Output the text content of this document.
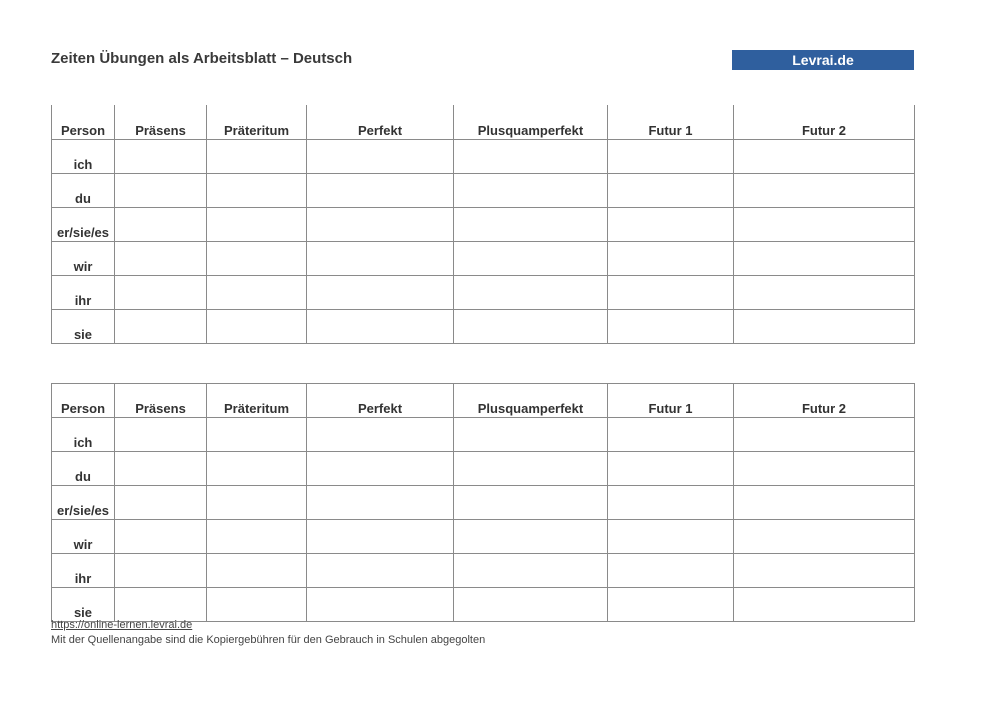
Zeiten Übungen als Arbeitsblatt – Deutsch	Levrai.de
Person	Präsens	Präteritum	Perfekt	Plusquamperfekt	Futur 1	Futur 2
ich						
du						
er/sie/es						
wir						
ihr						
sie						
Person	Präsens	Präteritum	Perfekt	Plusquamperfekt	Futur 1	Futur 2
ich						
du						
er/sie/es						
wir						
ihr						
sie						
https://online-lernen.levrai.de
Mit der Quellenangabe sind die Kopiergebühren für den Gebrauch in Schulen abgegolten
